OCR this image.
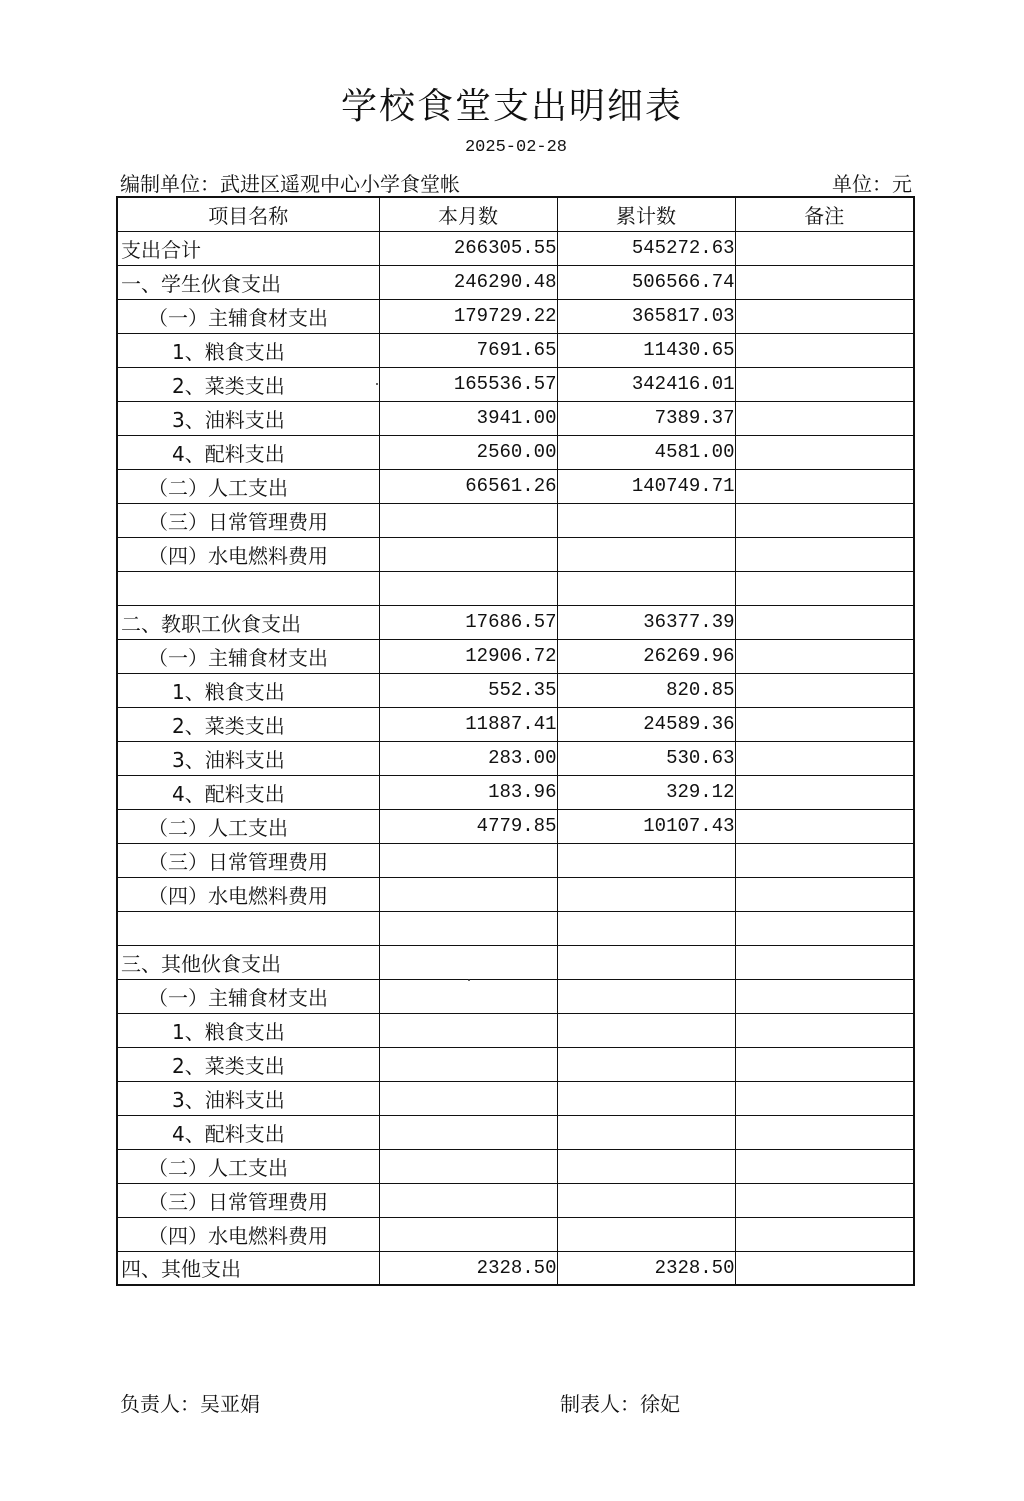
学校食堂支出明细表
2025-02-28
编制单位：武进区遥观中心小学食堂帐	单位：元
项目名称	本月数	累计数	备注
支出合计	266305.55	545272.63	
一、学生伙食支出	246290.48	506566.74	
（一）主辅食材支出	179729.22	365817.03	
1、粮食支出	7691.65	11430.65	
2、菜类支出	165536.57	342416.01	
3、油料支出	3941.00	7389.37	
4、配料支出	2560.00	4581.00	
（二）人工支出	66561.26	140749.71	
（三）日常管理费用			
（四）水电燃料费用			

二、教职工伙食支出	17686.57	36377.39	
（一）主辅食材支出	12906.72	26269.96	
1、粮食支出	552.35	820.85	
2、菜类支出	11887.41	24589.36	
3、油料支出	283.00	530.63	
4、配料支出	183.96	329.12	
（二）人工支出	4779.85	10107.43	
（三）日常管理费用			
（四）水电燃料费用			

三、其他伙食支出			
（一）主辅食材支出			
1、粮食支出			
2、菜类支出			
3、油料支出			
4、配料支出			
（二）人工支出			
（三）日常管理费用			
（四）水电燃料费用			
四、其他支出	2328.50	2328.50	
负责人：吴亚娟	制表人：徐妃
